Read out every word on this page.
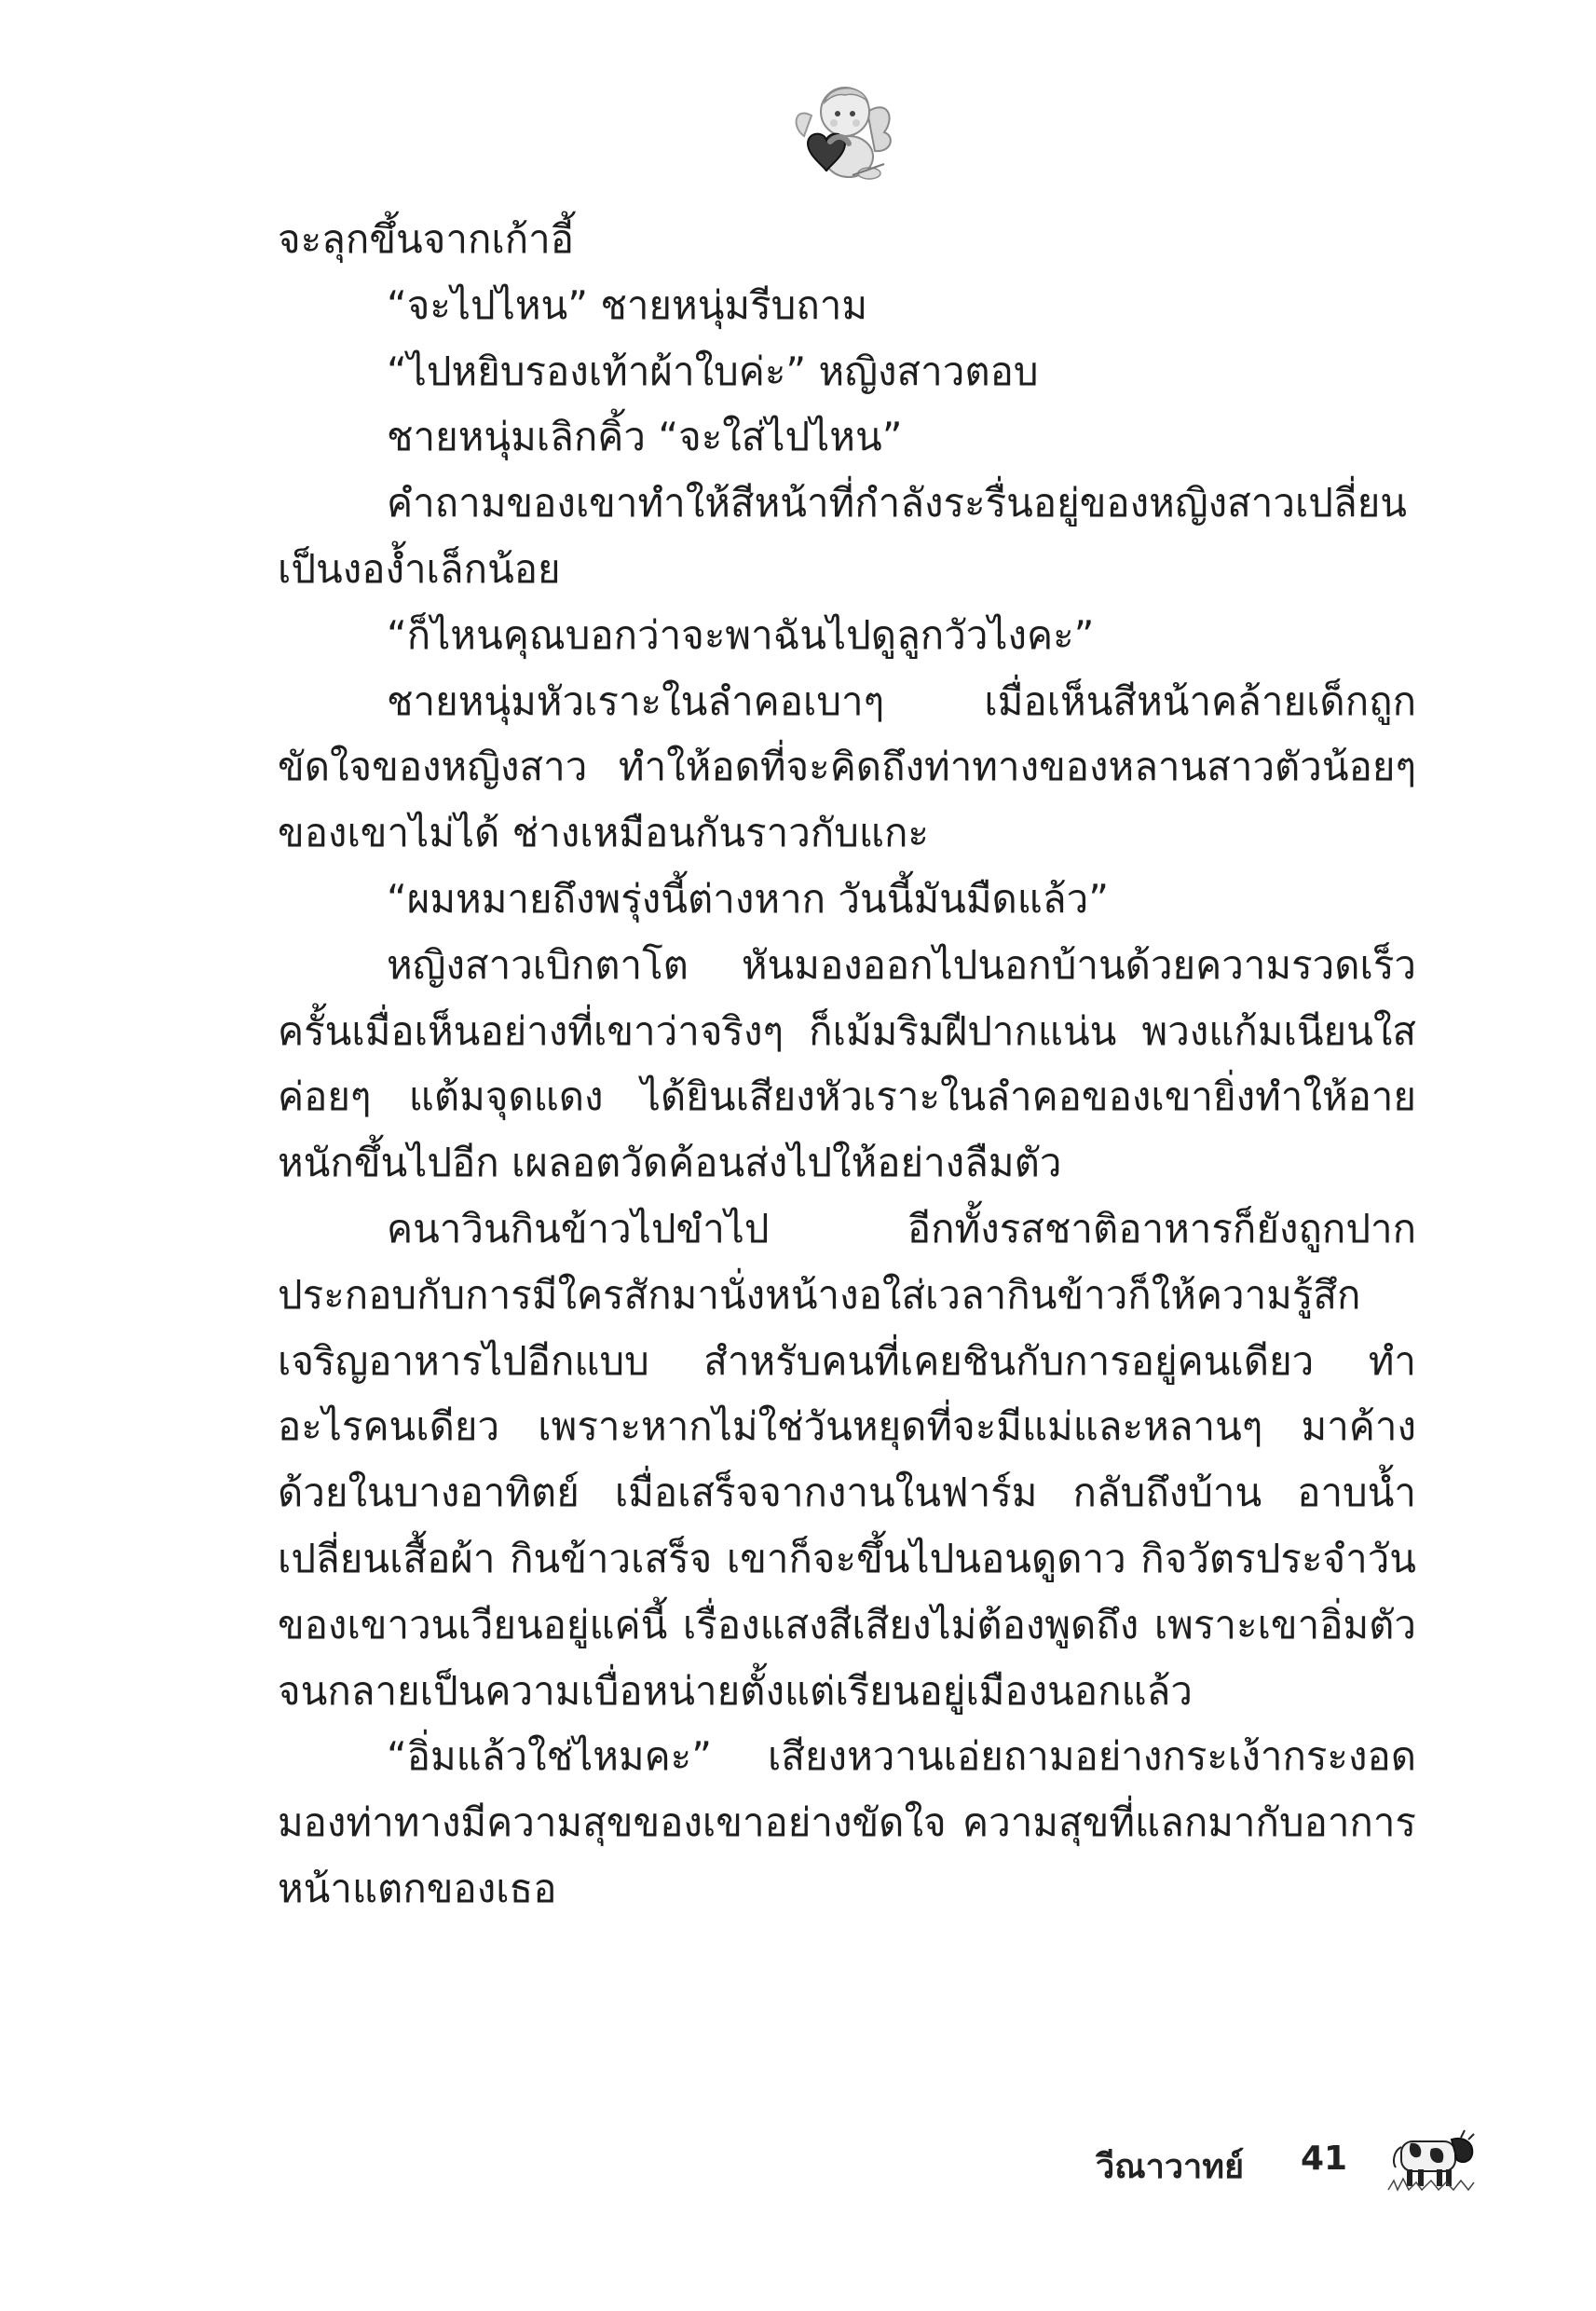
จะลุกขึ้นจากเก้าอี้

“จะไปไหน” ชายหนุ่มรีบถาม

“ไปหยิบรองเท้าผ้าใบค่ะ” หญิงสาวตอบ

ชายหนุ่มเลิกคิ้ว “จะใส่ไปไหน”

คำถามของเขาทำให้สีหน้าที่กำลังระรื่นอยู่ของหญิงสาวเปลี่ยนเป็นงอง้ำเล็กน้อย

“ก็ไหนคุณบอกว่าจะพาฉันไปดูลูกวัวไงคะ”

ชายหนุ่มหัวเราะในลำคอเบาๆ เมื่อเห็นสีหน้าคล้ายเด็กถูกขัดใจของหญิงสาว ทำให้อดที่จะคิดถึงท่าทางของหลานสาวตัวน้อยๆ ของเขาไม่ได้ ช่างเหมือนกันราวกับแกะ

“ผมหมายถึงพรุ่งนี้ต่างหาก วันนี้มันมืดแล้ว”

หญิงสาวเบิกตาโต หันมองออกไปนอกบ้านด้วยความรวดเร็ว ครั้นเมื่อเห็นอย่างที่เขาว่าจริงๆ ก็เม้มริมฝีปากแน่น พวงแก้มเนียนใสค่อยๆ แต้มจุดแดง ได้ยินเสียงหัวเราะในลำคอของเขายิ่งทำให้อายหนักขึ้นไปอีก เผลอตวัดค้อนส่งไปให้อย่างลืมตัว

คนาวินกินข้าวไปขำไป อีกทั้งรสชาติอาหารก็ยังถูกปาก ประกอบกับการมีใครสักมานั่งหน้างอใส่เวลากินข้าวก็ให้ความรู้สึกเจริญอาหารไปอีกแบบ สำหรับคนที่เคยชินกับการอยู่คนเดียว ทำอะไรคนเดียว เพราะหากไม่ใช่วันหยุดที่จะมีแม่และหลานๆ มาค้างด้วยในบางอาทิตย์ เมื่อเสร็จจากงานในฟาร์ม กลับถึงบ้าน อาบน้ำเปลี่ยนเสื้อผ้า กินข้าวเสร็จ เขาก็จะขึ้นไปนอนดูดาว กิจวัตรประจำวันของเขาวนเวียนอยู่แค่นี้ เรื่องแสงสีเสียงไม่ต้องพูดถึง เพราะเขาอิ่มตัวจนกลายเป็นความเบื่อหน่ายตั้งแต่เรียนอยู่เมืองนอกแล้ว

“อิ่มแล้วใช่ไหมคะ” เสียงหวานเอ่ยถามอย่างกระเง้ากระงอด มองท่าทางมีความสุขของเขาอย่างขัดใจ ความสุขที่แลกมากับอาการหน้าแตกของเธอ

วีณาวาทย์ 41
